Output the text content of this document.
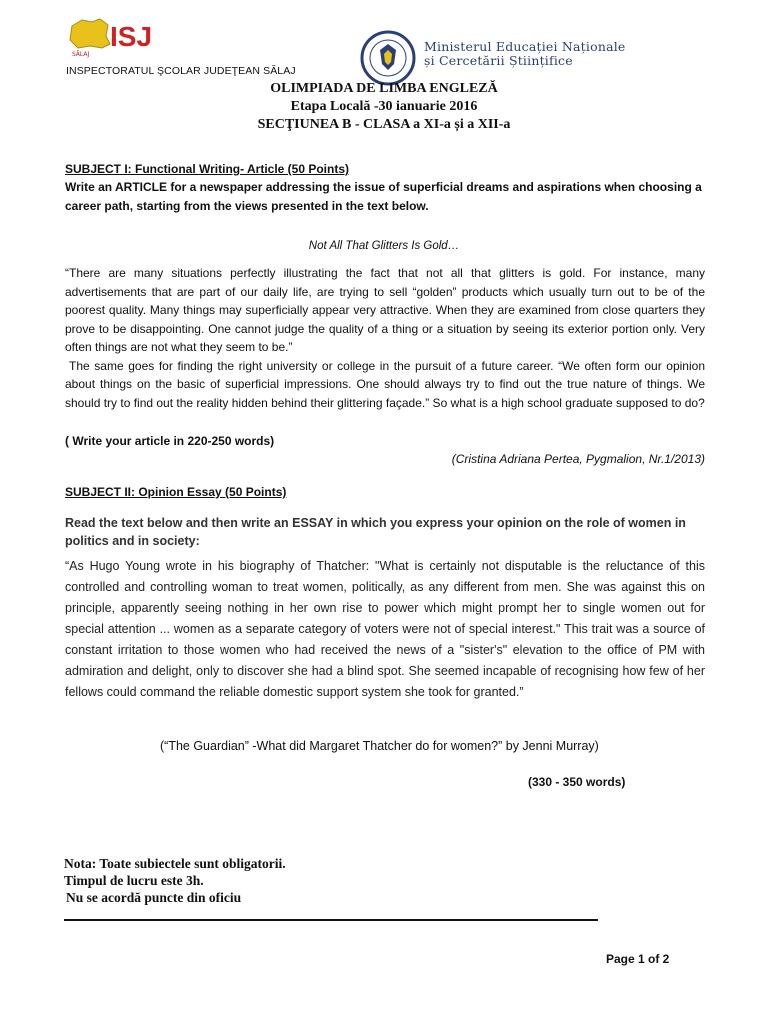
SĂLAJ
ISJ	Ministerul Educației Naționale
și Cercetării Științifice
INSPECTORATUL ŞCOLAR JUDEŢEAN SĂLAJ
OLIMPIADA DE LIMBA ENGLEZĂ
Etapa Locală -30 ianuarie 2016
SECŢIUNEA B - CLASA a XI-a și a XII-a
SUBJECT I: Functional Writing- Article (50 Points)
Write an ARTICLE for a newspaper addressing the issue of superficial dreams and aspirations when choosing a career path, starting from the views presented in the text below.
Not All That Glitters Is Gold…

“There are many situations perfectly illustrating the fact that not all that glitters is gold. For instance, many advertisements that are part of our daily life, are trying to sell “golden” products which usually turn out to be of the poorest quality. Many things may superficially appear very attractive. When they are examined from close quarters they prove to be disappointing. One cannot judge the quality of a thing or a situation by seeing its exterior portion only. Very often things are not what they seem to be.”

The same goes for finding the right university or college in the pursuit of a future career. “We often form our opinion about things on the basic of superficial impressions. One should always try to find out the true nature of things. We should try to find out the reality hidden behind their glittering façade.” So what is a high school graduate supposed to do?

( Write your article in 220-250 words)
(Cristina Adriana Pertea, Pygmalion, Nr.1/2013)
SUBJECT II: Opinion Essay (50 Points)
Read the text below and then write an ESSAY in which you express your opinion on the role of women in politics and in society:
“As Hugo Young wrote in his biography of Thatcher: "What is certainly not disputable is the reluctance of this controlled and controlling woman to treat women, politically, as any different from men. She was against this on principle, apparently seeing nothing in her own rise to power which might prompt her to single women out for special attention ... women as a separate category of voters were not of special interest." This trait was a source of constant irritation to those women who had received the news of a "sister's" elevation to the office of PM with admiration and delight, only to discover she had a blind spot. She seemed incapable of recognising how few of her fellows could command the reliable domestic support system she took for granted.”
(“The Guardian” -What did Margaret Thatcher do for women?” by Jenni Murray)
(330 - 350 words)
Nota: Toate subiectele sunt obligatorii.
Timpul de lucru este 3h.
Nu se acordă puncte din oficiu
Page 1 of 2
